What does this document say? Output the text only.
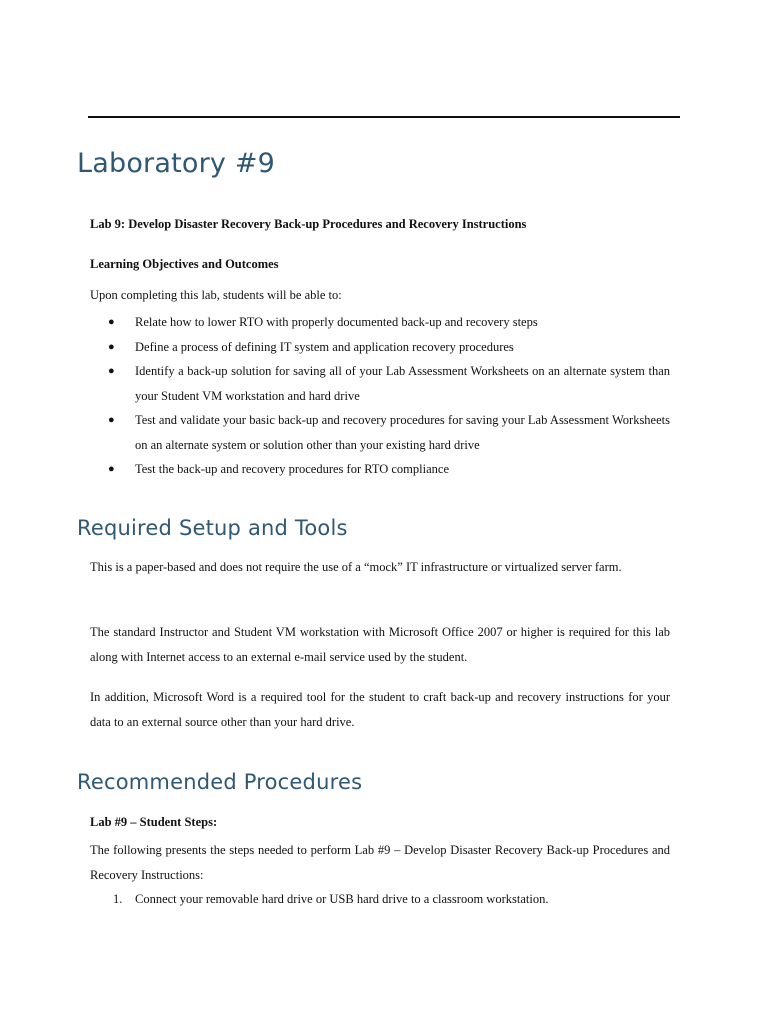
Laboratory #9

Lab 9: Develop Disaster Recovery Back-up Procedures and Recovery Instructions

Learning Objectives and Outcomes

Upon completing this lab, students will be able to:

● Relate how to lower RTO with properly documented back-up and recovery steps
● Define a process of defining IT system and application recovery procedures
● Identify a back-up solution for saving all of your Lab Assessment Worksheets on an alternate system than your Student VM workstation and hard drive
● Test and validate your basic back-up and recovery procedures for saving your Lab Assessment Worksheets on an alternate system or solution other than your existing hard drive
● Test the back-up and recovery procedures for RTO compliance
Required Setup and Tools

This is a paper-based and does not require the use of a “mock” IT infrastructure or virtualized server farm.

The standard Instructor and Student VM workstation with Microsoft Office 2007 or higher is required for this lab along with Internet access to an external e-mail service used by the student.

In addition, Microsoft Word is a required tool for the student to craft back-up and recovery instructions for your data to an external source other than your hard drive.

Recommended Procedures

Lab #9 – Student Steps:

The following presents the steps needed to perform Lab #9 – Develop Disaster Recovery Back-up Procedures and Recovery Instructions:

1. Connect your removable hard drive or USB hard drive to a classroom workstation.
